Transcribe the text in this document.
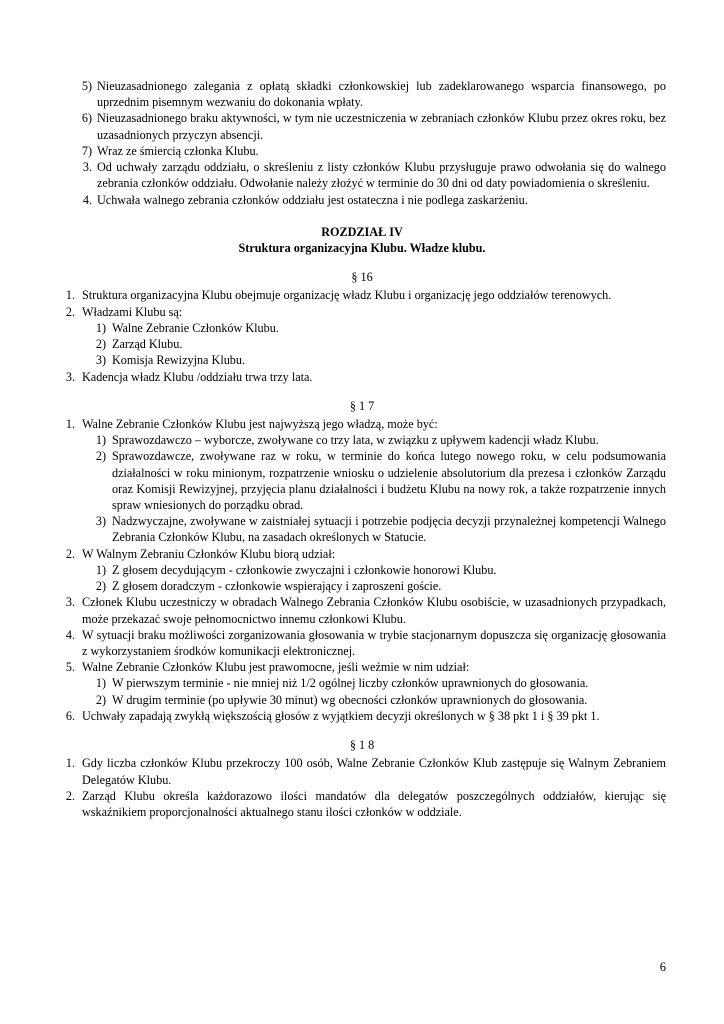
5) Nieuzasadnionego zalegania z opłatą składki członkowskiej lub zadeklarowanego wsparcia finansowego, po uprzednim pisemnym wezwaniu do dokonania wpłaty.
6) Nieuzasadnionego braku aktywności, w tym nie uczestniczenia w zebraniach członków Klubu przez okres roku, bez uzasadnionych przyczyn absencji.
7) Wraz ze śmiercią członka Klubu.
3. Od uchwały zarządu oddziału, o skreśleniu z listy członków Klubu przysługuje prawo odwołania się do walnego zebrania członków oddziału. Odwołanie należy złożyć w terminie do 30 dni od daty powiadomienia o skreśleniu.
4. Uchwała walnego zebrania członków oddziału jest ostateczna i nie podlega zaskarżeniu.
ROZDZIAŁ IV
Struktura organizacyjna Klubu. Władze klubu.
§ 16
1. Struktura organizacyjna Klubu obejmuje organizację władz Klubu i organizację jego oddziałów terenowych.
2. Władzami Klubu są:
1) Walne Zebranie Członków Klubu.
2) Zarząd Klubu.
3) Komisja Rewizyjna Klubu.
3. Kadencja władz Klubu /oddziału trwa trzy lata.
§ 1 7
1. Walne Zebranie Członków Klubu jest najwyższą jego władzą, może być:
1) Sprawozdawczo – wyborcze, zwoływane co trzy lata, w związku z upływem kadencji władz Klubu.
2) Sprawozdawcze, zwoływane raz w roku, w terminie do końca lutego nowego roku, w celu podsumowania działalności w roku minionym, rozpatrzenie wniosku o udzielenie absolutorium dla prezesa i członków Zarządu oraz Komisji Rewizyjnej, przyjęcia planu działalności i budżetu Klubu na nowy rok, a także rozpatrzenie innych spraw wniesionych do porządku obrad.
3) Nadzwyczajne, zwoływane w zaistniałej sytuacji i potrzebie podjęcia decyzji przynależnej kompetencji Walnego Zebrania Członków Klubu, na zasadach określonych w Statucie.
2. W Walnym Zebraniu Członków Klubu biorą udział:
1) Z głosem decydującym - członkowie zwyczajni i członkowie honorowi Klubu.
2) Z głosem doradczym - członkowie wspierający i zaproszeni goście.
3. Członek Klubu uczestniczy w obradach Walnego Zebrania Członków Klubu osobiście, w uzasadnionych przypadkach, może przekazać swoje pełnomocnictwo innemu członkowi Klubu.
4. W sytuacji braku możliwości zorganizowania głosowania w trybie stacjonarnym dopuszcza się organizację głosowania z wykorzystaniem środków komunikacji elektronicznej.
5. Walne Zebranie Członków Klubu jest prawomocne, jeśli weźmie w nim udział:
1) W pierwszym terminie - nie mniej niż 1/2 ogólnej liczby członków uprawnionych do głosowania.
2) W drugim terminie (po upływie 30 minut) wg obecności członków uprawnionych do głosowania.
6. Uchwały zapadają zwykłą większością głosów z wyjątkiem decyzji określonych w § 38 pkt 1 i § 39 pkt 1.
§ 1 8
1. Gdy liczba członków Klubu przekroczy 100 osób, Walne Zebranie Członków Klub zastępuje się Walnym Zebraniem Delegatów Klubu.
2. Zarząd Klubu określa każdorazowo ilości mandatów dla delegatów poszczególnych oddziałów, kierując się wskaźnikiem proporcjonalności aktualnego stanu ilości członków w oddziale.
6
